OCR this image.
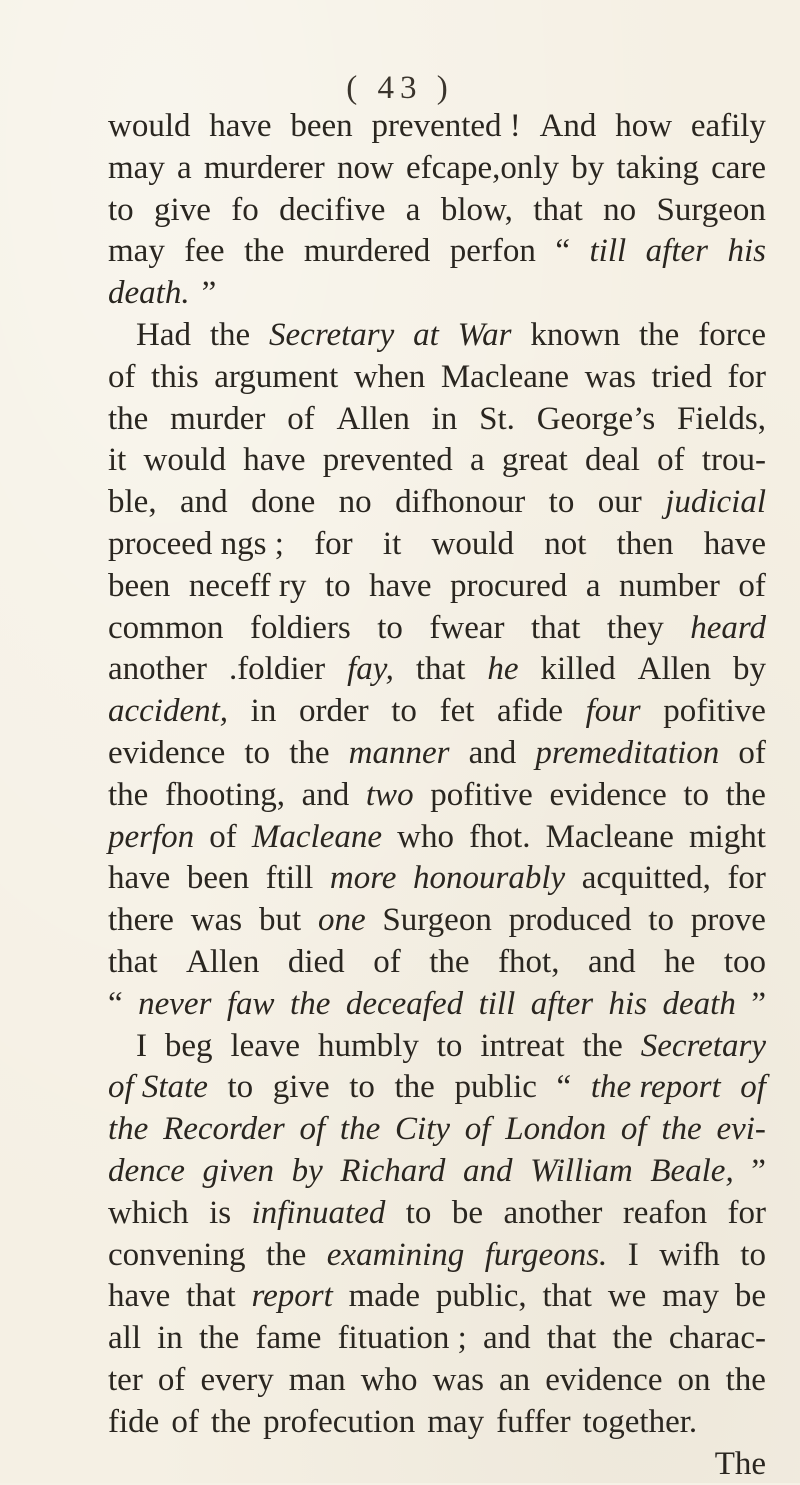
( 43 )
would have been prevented ! And how eafily
may a murderer now efcape,only by taking care
to give fo decifive a blow, that no Surgeon
may fee the murdered perfon “ till after his
death. ”
Had the Secretary at War known the force
of this argument when Macleane was tried for
the murder of Allen in St. George’s Fields,
it would have prevented a great deal of trou-
ble, and done no difhonour to our judicial
proceed ngs ; for it would not then have
been neceff ry to have procured a number of
common foldiers to fwear that they heard
another .foldier fay, that he killed Allen by
accident, in order to fet afide four pofitive
evidence to the manner and premeditation of
the fhooting, and two pofitive evidence to the
perfon of Macleane who fhot. Macleane might
have been ftill more honourably acquitted, for
there was but one Surgeon produced to prove
that Allen died of the fhot, and he too
“ never faw the deceafed till after his death ”
I beg leave humbly to intreat the Secretary
of State to give to the public “ the report of
the Recorder of the City of London of the evi-
dence given by Richard and William Beale, ”
which is infinuated to be another reafon for
convening the examining furgeons. I wifh to
have that report made public, that we may be
all in the fame fituation ; and that the charac-
ter of every man who was an evidence on the
fide of the profecution may fuffer together.
The
